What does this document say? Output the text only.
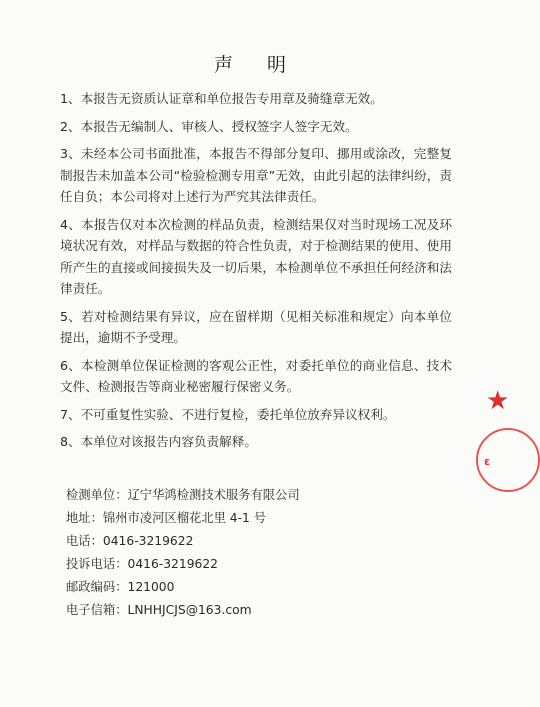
声 明

1、本报告无资质认证章和单位报告专用章及骑缝章无效。

2、本报告无编制人、审核人、授权签字人签字无效。

3、未经本公司书面批准，本报告不得部分复印、挪用或涂改，完整复制报告未加盖本公司“检验检测专用章”无效，由此引起的法律纠纷，责任自负；本公司将对上述行为严究其法律责任。

4、本报告仅对本次检测的样品负责，检测结果仅对当时现场工况及环境状况有效，对样品与数据的符合性负责，对于检测结果的使用、使用所产生的直接或间接损失及一切后果，本检测单位不承担任何经济和法律责任。

5、若对检测结果有异议，应在留样期（见相关标准和规定）向本单位提出，逾期不予受理。

6、本检测单位保证检测的客观公正性，对委托单位的商业信息、技术文件、检测报告等商业秘密履行保密义务。

7、不可重复性实验、不进行复检，委托单位放弃异议权利。

8、本单位对该报告内容负责解释。

检测单位：辽宁华鸿检测技术服务有限公司
地址：锦州市凌河区榴花北里 4-1 号
电话：0416-3219622
投诉电话：0416-3219622
邮政编码：121000
电子信箱：LNHHJCJS@163.com
★
ε
